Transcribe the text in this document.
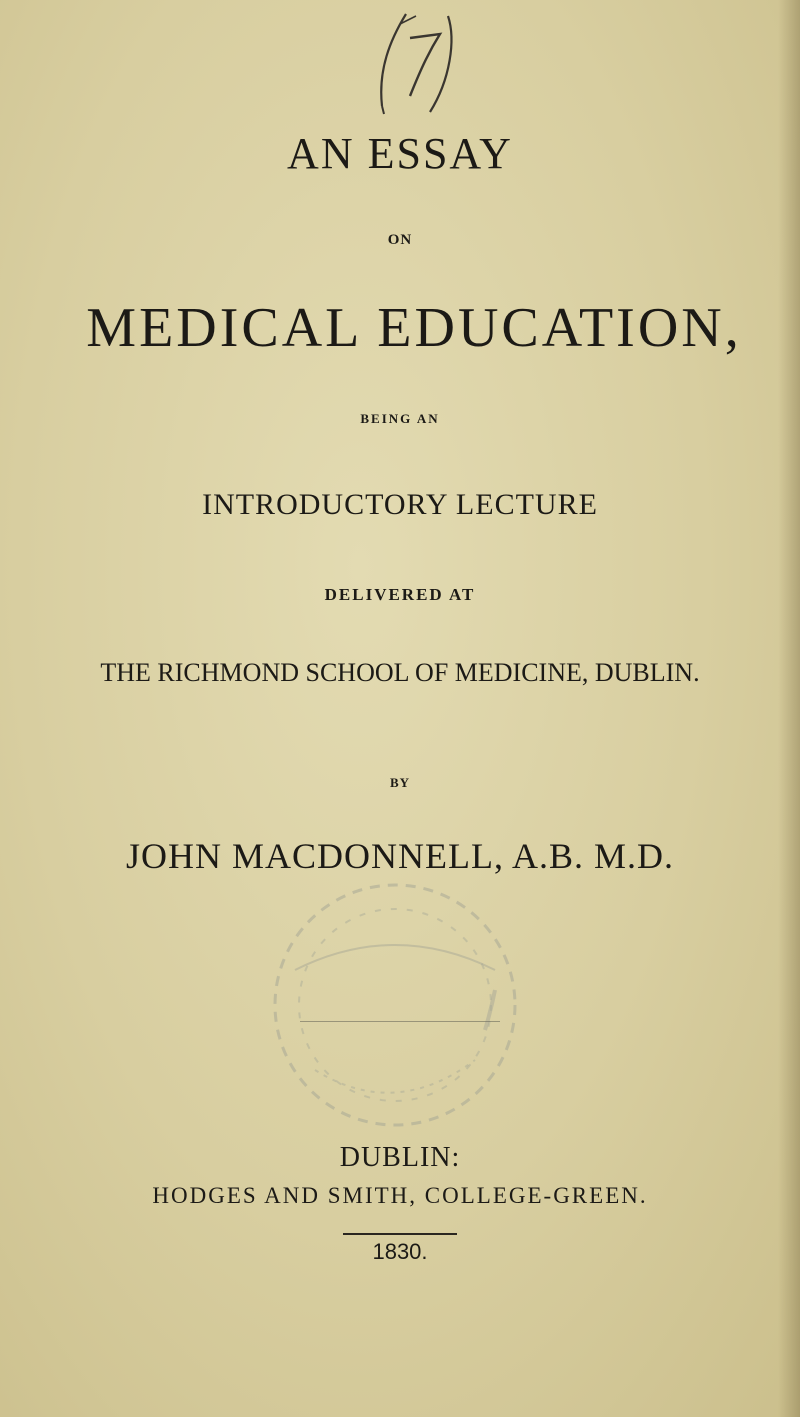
AN ESSAY
ON
MEDICAL EDUCATION,
BEING AN
INTRODUCTORY LECTURE
DELIVERED AT
THE RICHMOND SCHOOL OF MEDICINE, DUBLIN.
BY
JOHN MACDONNELL, A.B. M.D.
DUBLIN:
HODGES AND SMITH, COLLEGE-GREEN.
1830.
